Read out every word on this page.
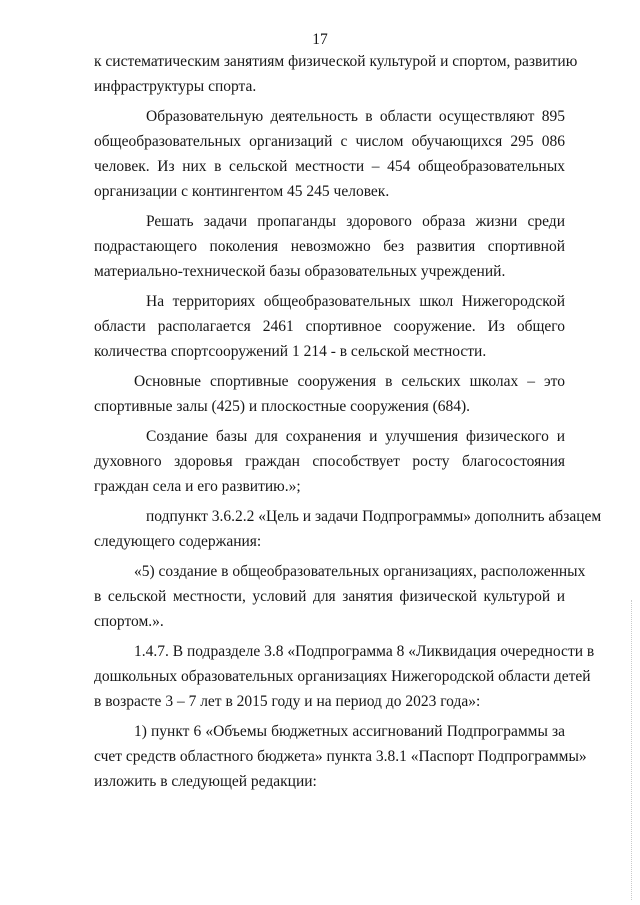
17
к систематическим занятиям физической культурой и спортом, развитию
инфраструктуры спорта.
Образовательную деятельность в области осуществляют 895
общеобразовательных организаций с числом обучающихся 295 086
человек. Из них в сельской местности – 454 общеобразовательных
организации с контингентом 45 245 человек.
Решать задачи пропаганды здорового образа жизни среди
подрастающего поколения невозможно без развития спортивной
материально-технической базы образовательных учреждений.
На территориях общеобразовательных школ Нижегородской
области располагается 2461 спортивное сооружение. Из общего
количества спортсооружений 1 214 - в сельской местности.
Основные спортивные сооружения в сельских школах – это
спортивные залы (425) и плоскостные сооружения (684).
Создание базы для сохранения и улучшения физического и
духовного здоровья граждан способствует росту благосостояния
граждан села и его развитию.»;
подпункт 3.6.2.2 «Цель и задачи Подпрограммы» дополнить абзацем
следующего содержания:
«5) создание в общеобразовательных организациях, расположенных
в сельской местности, условий для занятия физической культурой и
спортом.».
1.4.7. В подразделе 3.8 «Подпрограмма 8 «Ликвидация очередности в
дошкольных образовательных организациях Нижегородской области детей
в возрасте 3 – 7 лет в 2015 году и на период до 2023 года»:
1) пункт 6 «Объемы бюджетных ассигнований Подпрограммы за
счет средств областного бюджета» пункта 3.8.1 «Паспорт Подпрограммы»
изложить в следующей редакции:
